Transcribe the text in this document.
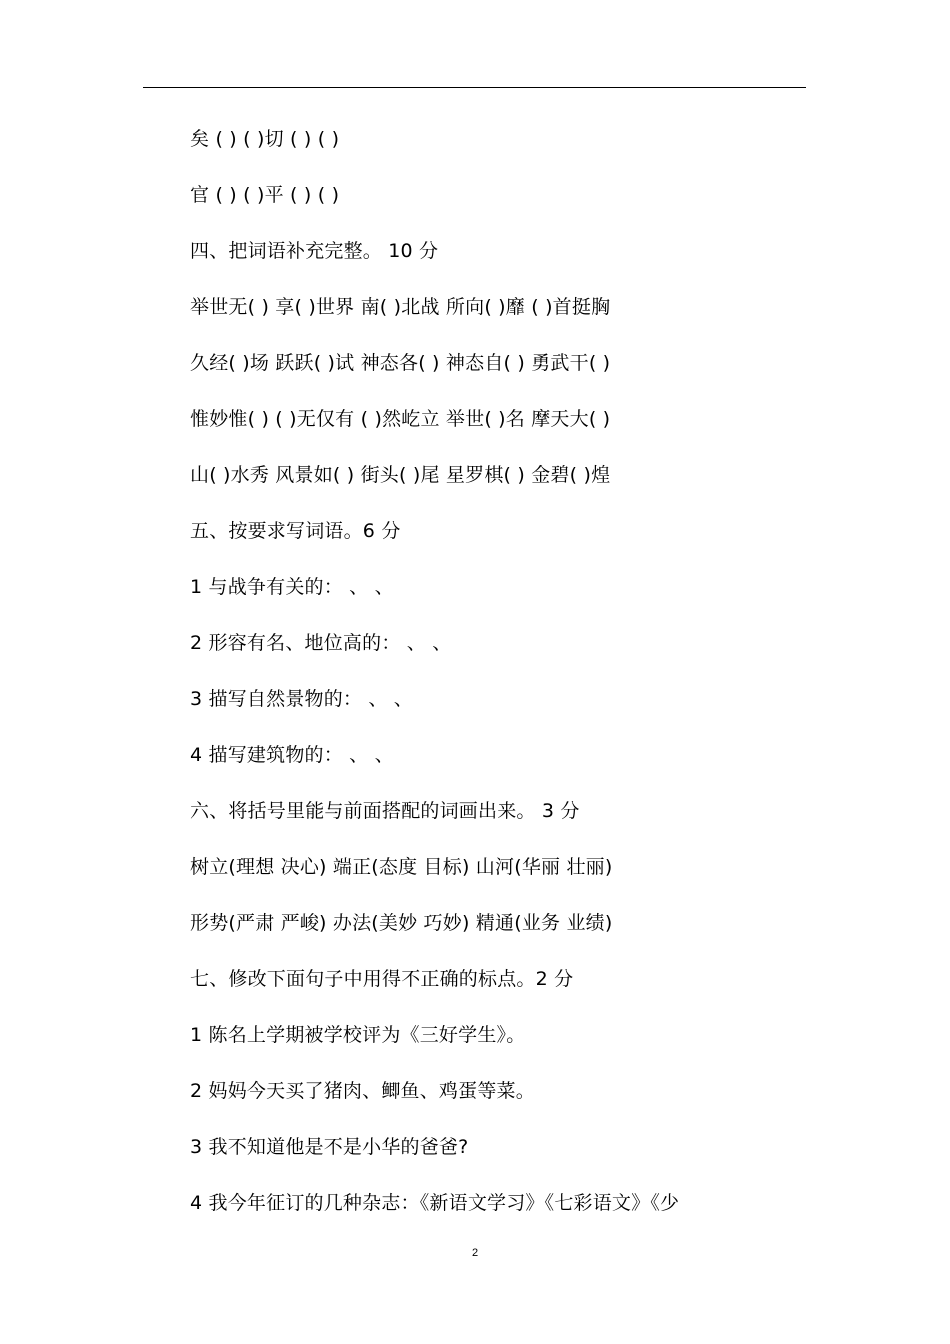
矣 ( ) ( )切 ( ) ( )
官 ( ) ( )平 ( ) ( )
四、把词语补充完整。 10 分
举世无( ) 享( )世界 南( )北战 所向( )靡 ( )首挺胸
久经( )场 跃跃( )试 神态各( ) 神态自( ) 勇武干( )
惟妙惟( ) ( )无仅有 ( )然屹立 举世( )名 摩天大( )
山( )水秀 风景如( ) 街头( )尾 星罗棋( ) 金碧( )煌
五、按要求写词语。6 分
1 与战争有关的： 、 、
2 形容有名、地位高的： 、 、
3 描写自然景物的： 、 、
4 描写建筑物的： 、 、
六、将括号里能与前面搭配的词画出来。 3 分
树立(理想 决心) 端正(态度 目标) 山河(华丽 壮丽)
形势(严肃 严峻) 办法(美妙 巧妙) 精通(业务 业绩)
七、修改下面句子中用得不正确的标点。2 分
1 陈名上学期被学校评为《三好学生》。
2 妈妈今天买了猪肉、鲫鱼、鸡蛋等菜。
3 我不知道他是不是小华的爸爸?
4 我今年征订的几种杂志：《新语文学习》《七彩语文》《少
2
